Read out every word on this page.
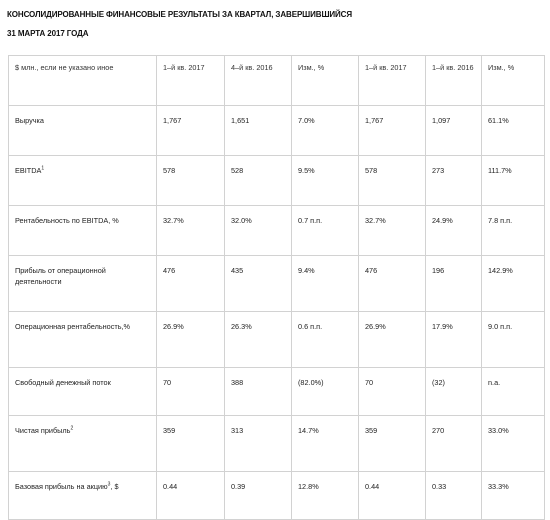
КОНСОЛИДИРОВАННЫЕ ФИНАНСОВЫЕ РЕЗУЛЬТАТЫ ЗА КВАРТАЛ, ЗАВЕРШИВШИЙСЯ
31 МАРТА 2017 ГОДА
$ млн., если не указано иное	1–й кв. 2017	4–й кв. 2016	Изм., %	1–й кв. 2017	1–й кв. 2016	Изм., %
Выручка	1,767	1,651	7.0%	1,767	1,097	61.1%
EBITDA$^1$	578	528	9.5%	578	273	111.7%
Рентабельность по EBITDA, %	32.7%	32.0%	0.7 п.п.	32.7%	24.9%	7.8 п.п.
Прибыль от операционной деятельности	476	435	9.4%	476	196	142.9%
Операционная рентабельность,%	26.9%	26.3%	0.6 п.п.	26.9%	17.9%	9.0 п.п.
Свободный денежный поток	70	388	(82.0%)	70	(32)	n.a.
Чистая прибыль$^2$	359	313	14.7%	359	270	33.0%
Базовая прибыль на акцию$^3$, $	0.44	0.39	12.8%	0.44	0.33	33.3%
